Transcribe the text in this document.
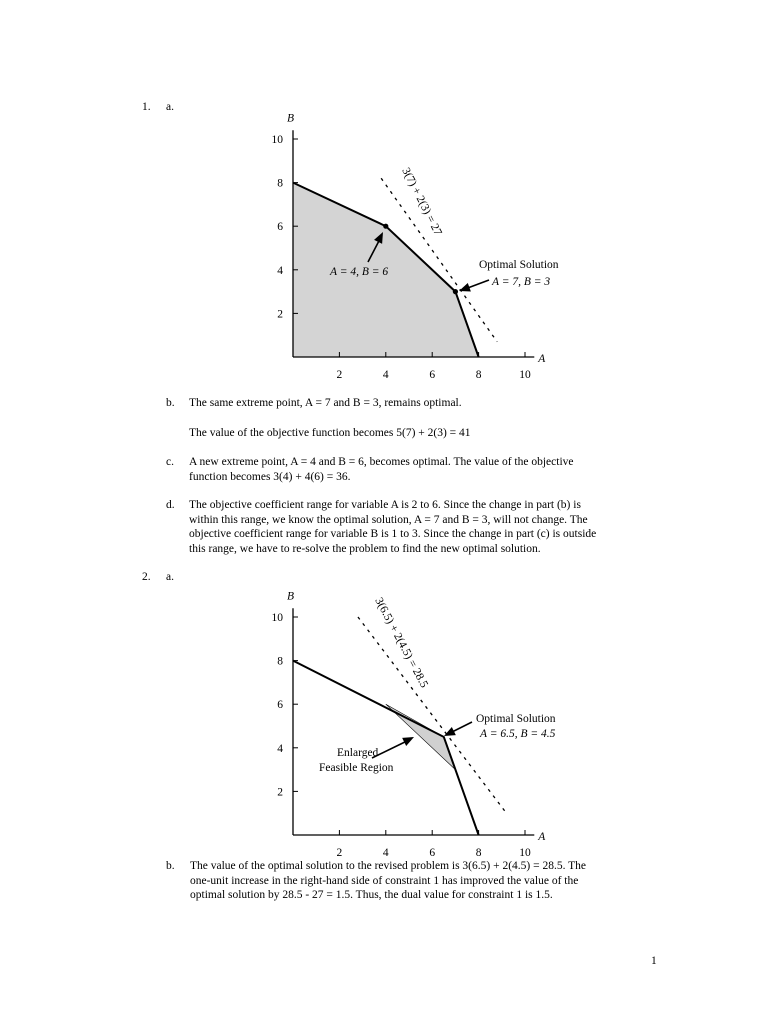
1. a.
2
4
6
8
10
2	4	6	8	10
B
A
3(7) + 2(3) = 27
A = 4, B = 6
Optimal Solution
A = 7, B = 3
b. The same extreme point, A = 7 and B = 3, remains optimal.
The value of the objective function becomes 5(7) + 2(3) = 41
c. A new extreme point, A = 4 and B = 6, becomes optimal. The value of the objective
function becomes 3(4) + 4(6) = 36.
d. The objective coefficient range for variable A is 2 to 6. Since the change in part (b) is
within this range, we know the optimal solution, A = 7 and B = 3, will not change. The
objective coefficient range for variable B is 1 to 3. Since the change in part (c) is outside
this range, we have to re-solve the problem to find the new optimal solution.
2. a.
2
4
6
8
10
2	4	6	8	10
B
A
3(6.5) + 2(4.5) = 28.5
Enlarged
Feasible Region
Optimal Solution
A = 6.5, B = 4.5
b. The value of the optimal solution to the revised problem is 3(6.5) + 2(4.5) = 28.5. The
one-unit increase in the right-hand side of constraint 1 has improved the value of the
optimal solution by 28.5 - 27 = 1.5. Thus, the dual value for constraint 1 is 1.5.
1
